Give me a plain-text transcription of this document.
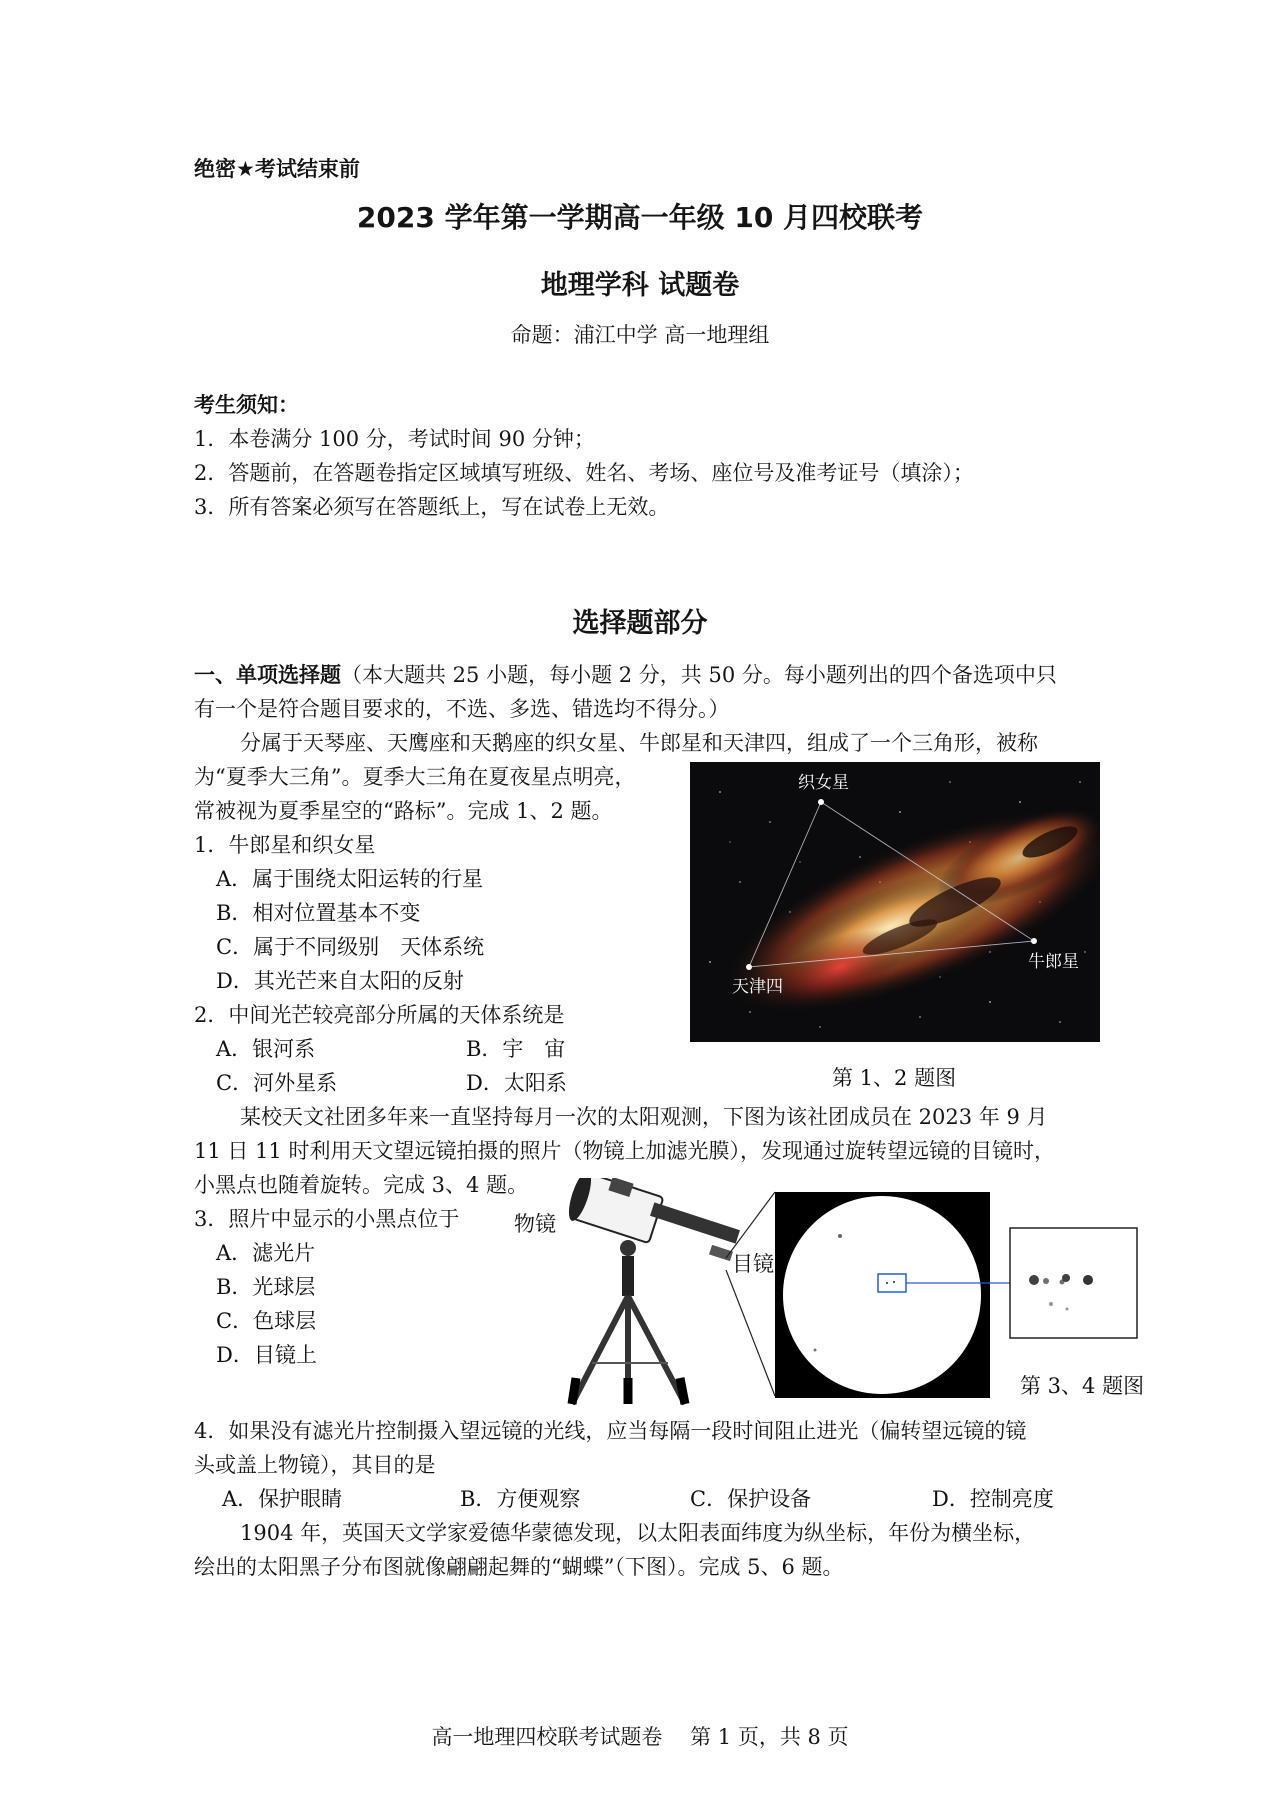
绝密★考试结束前
2023 学年第一学期高一年级 10 月四校联考
地理学科 试题卷
命题：浦江中学 高一地理组
考生须知：
1．本卷满分 100 分，考试时间 90 分钟；
2．答题前，在答题卷指定区域填写班级、姓名、考场、座位号及准考证号（填涂）；
3．所有答案必须写在答题纸上，写在试卷上无效。
选择题部分
一、单项选择题（本大题共 25 小题，每小题 2 分，共 50 分。每小题列出的四个备选项中只
有一个是符合题目要求的，不选、多选、错选均不得分。）
分属于天琴座、天鹰座和天鹅座的织女星、牛郎星和天津四，组成了一个三角形，被称
为“夏季大三角”。夏季大三角在夏夜星点明亮，
常被视为夏季星空的“路标”。完成 1、2 题。
1．牛郎星和织女星
A．属于围绕太阳运转的行星
B．相对位置基本不变
C．属于不同级别　天体系统
D．其光芒来自太阳的反射
2．中间光芒较亮部分所属的天体系统是
A．银河系	B．宇　宙
C．河外星系	D．太阳系
织女星
牛郎星
天津四
第 1、2 题图
某校天文社团多年来一直坚持每月一次的太阳观测，下图为该社团成员在 2023 年 9 月
11 日 11 时利用天文望远镜拍摄的照片（物镜上加滤光膜），发现通过旋转望远镜的目镜时，
小黑点也随着旋转。完成 3、4 题。
3．照片中显示的小黑点位于
A．滤光片
B．光球层
C．色球层
D．目镜上
物镜
目镜
第 3、4 题图
4．如果没有滤光片控制摄入望远镜的光线，应当每隔一段时间阻止进光（偏转望远镜的镜
头或盖上物镜），其目的是
A．保护眼睛	B．方便观察	C．保护设备	D．控制亮度
1904 年，英国天文学家爱德华蒙德发现，以太阳表面纬度为纵坐标，年份为横坐标，
绘出的太阳黑子分布图就像翩翩起舞的“蝴蝶”（下图）。完成 5、6 题。
高一地理四校联考试题卷　 第 1 页，共 8 页
